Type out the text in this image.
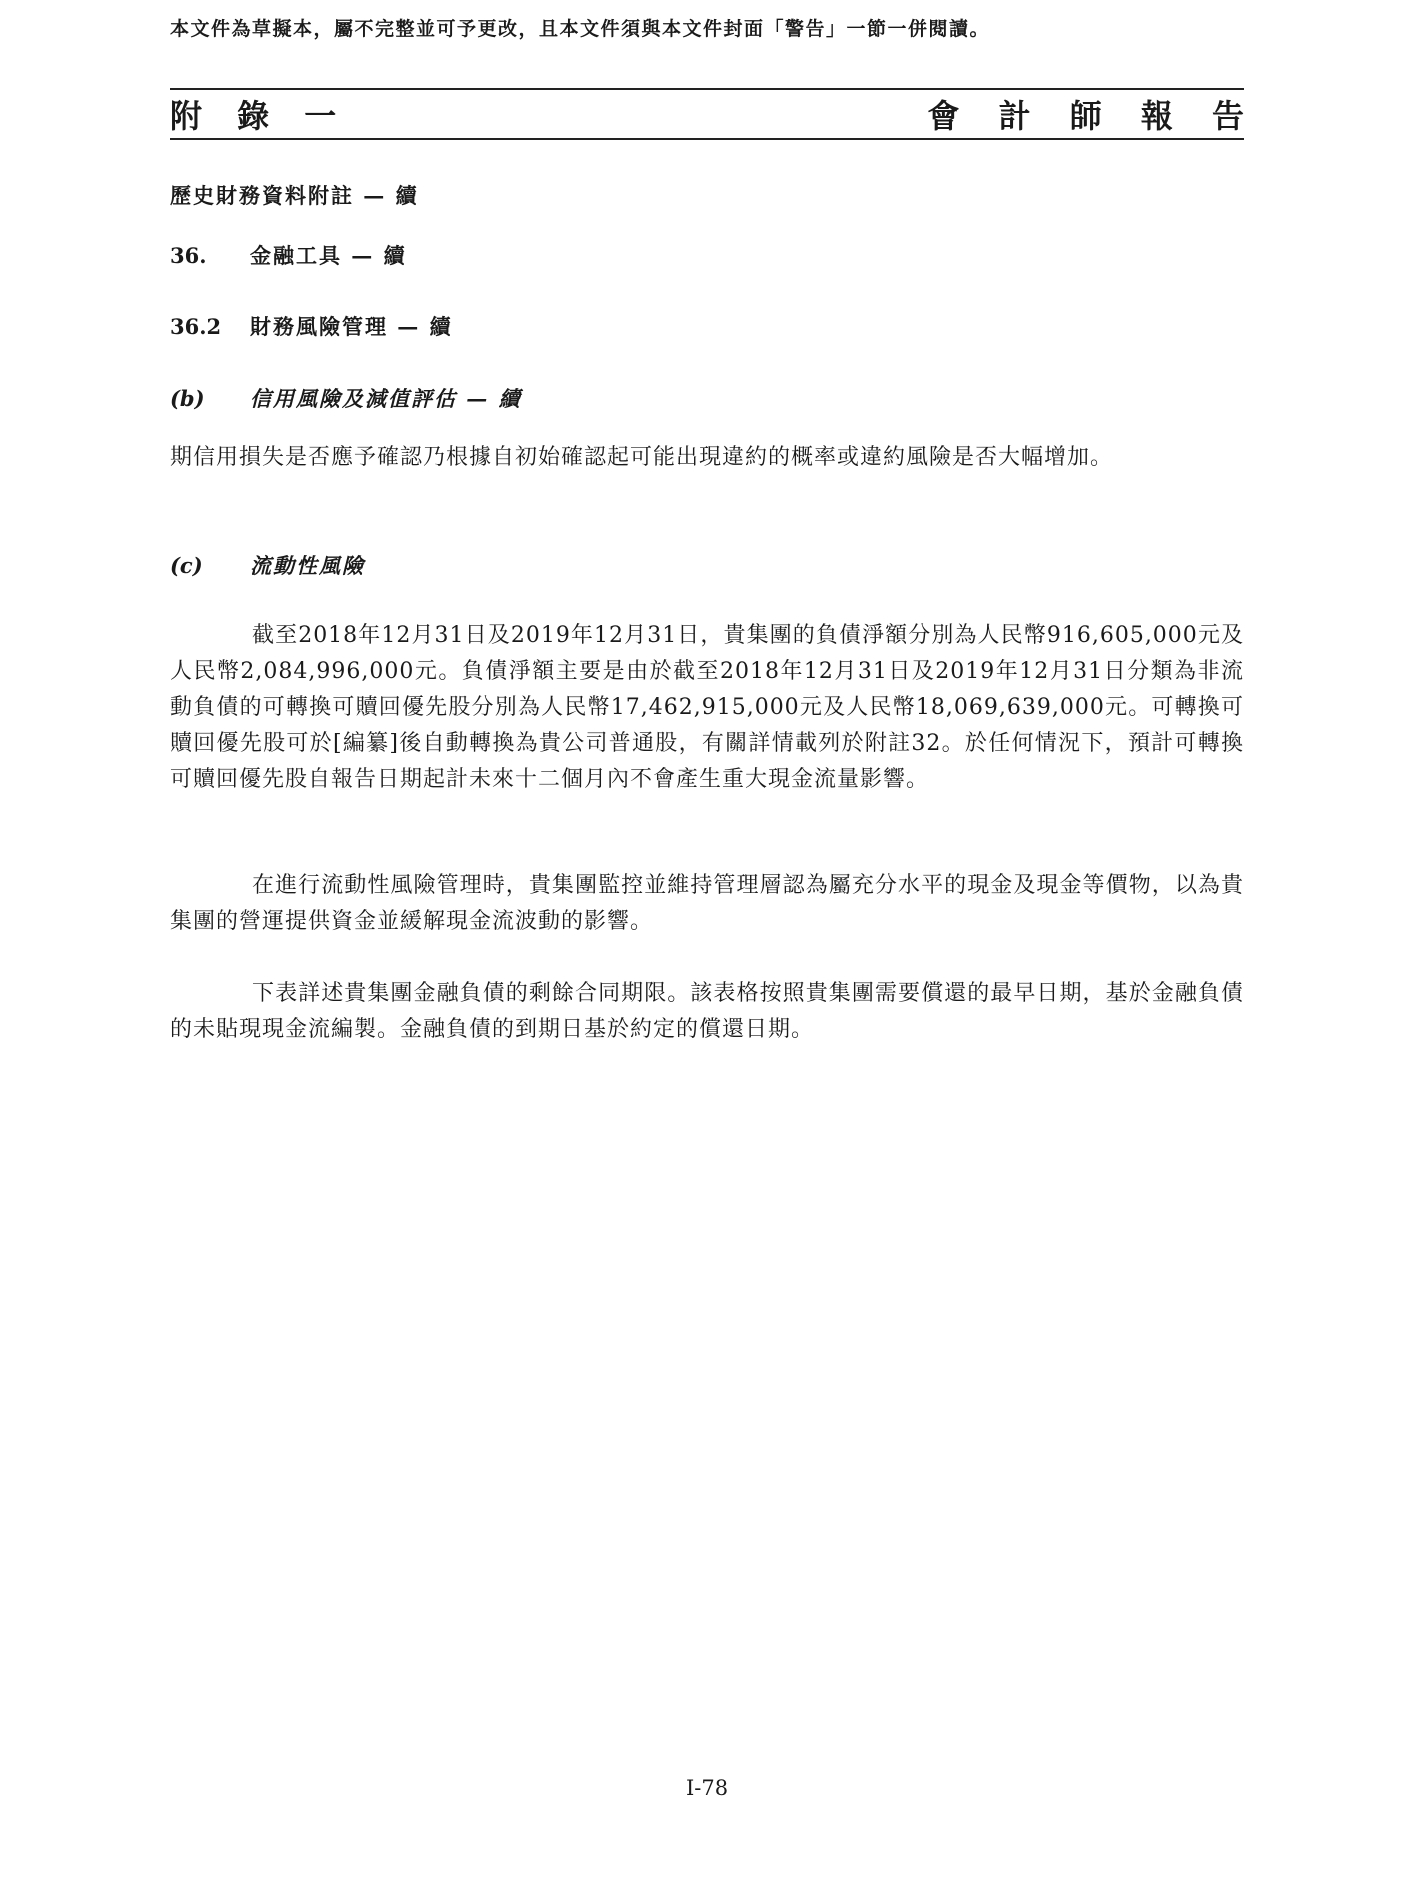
本文件為草擬本，屬不完整並可予更改，且本文件須與本文件封面「警告」一節一併閱讀。
附 錄 一	會 計 師 報 告
歷史財務資料附註 — 續
36. 金融工具 — 續
36.2 財務風險管理 — 續
(b) 信用風險及減值評估 — 續
期信用損失是否應予確認乃根據自初始確認起可能出現違約的概率或違約風險是否大幅增加。
(c) 流動性風險
截至2018年12月31日及2019年12月31日，貴集團的負債淨額分別為人民幣916,605,000元及人民幣2,084,996,000元。負債淨額主要是由於截至2018年12月31日及2019年12月31日分類為非流動負債的可轉換可贖回優先股分別為人民幣17,462,915,000元及人民幣18,069,639,000元。可轉換可贖回優先股可於[編纂]後自動轉換為貴公司普通股，有關詳情載列於附註32。於任何情況下，預計可轉換可贖回優先股自報告日期起計未來十二個月內不會產生重大現金流量影響。
在進行流動性風險管理時，貴集團監控並維持管理層認為屬充分水平的現金及現金等價物，以為貴集團的營運提供資金並緩解現金流波動的影響。
下表詳述貴集團金融負債的剩餘合同期限。該表格按照貴集團需要償還的最早日期，基於金融負債的未貼現現金流編製。金融負債的到期日基於約定的償還日期。
I-78
